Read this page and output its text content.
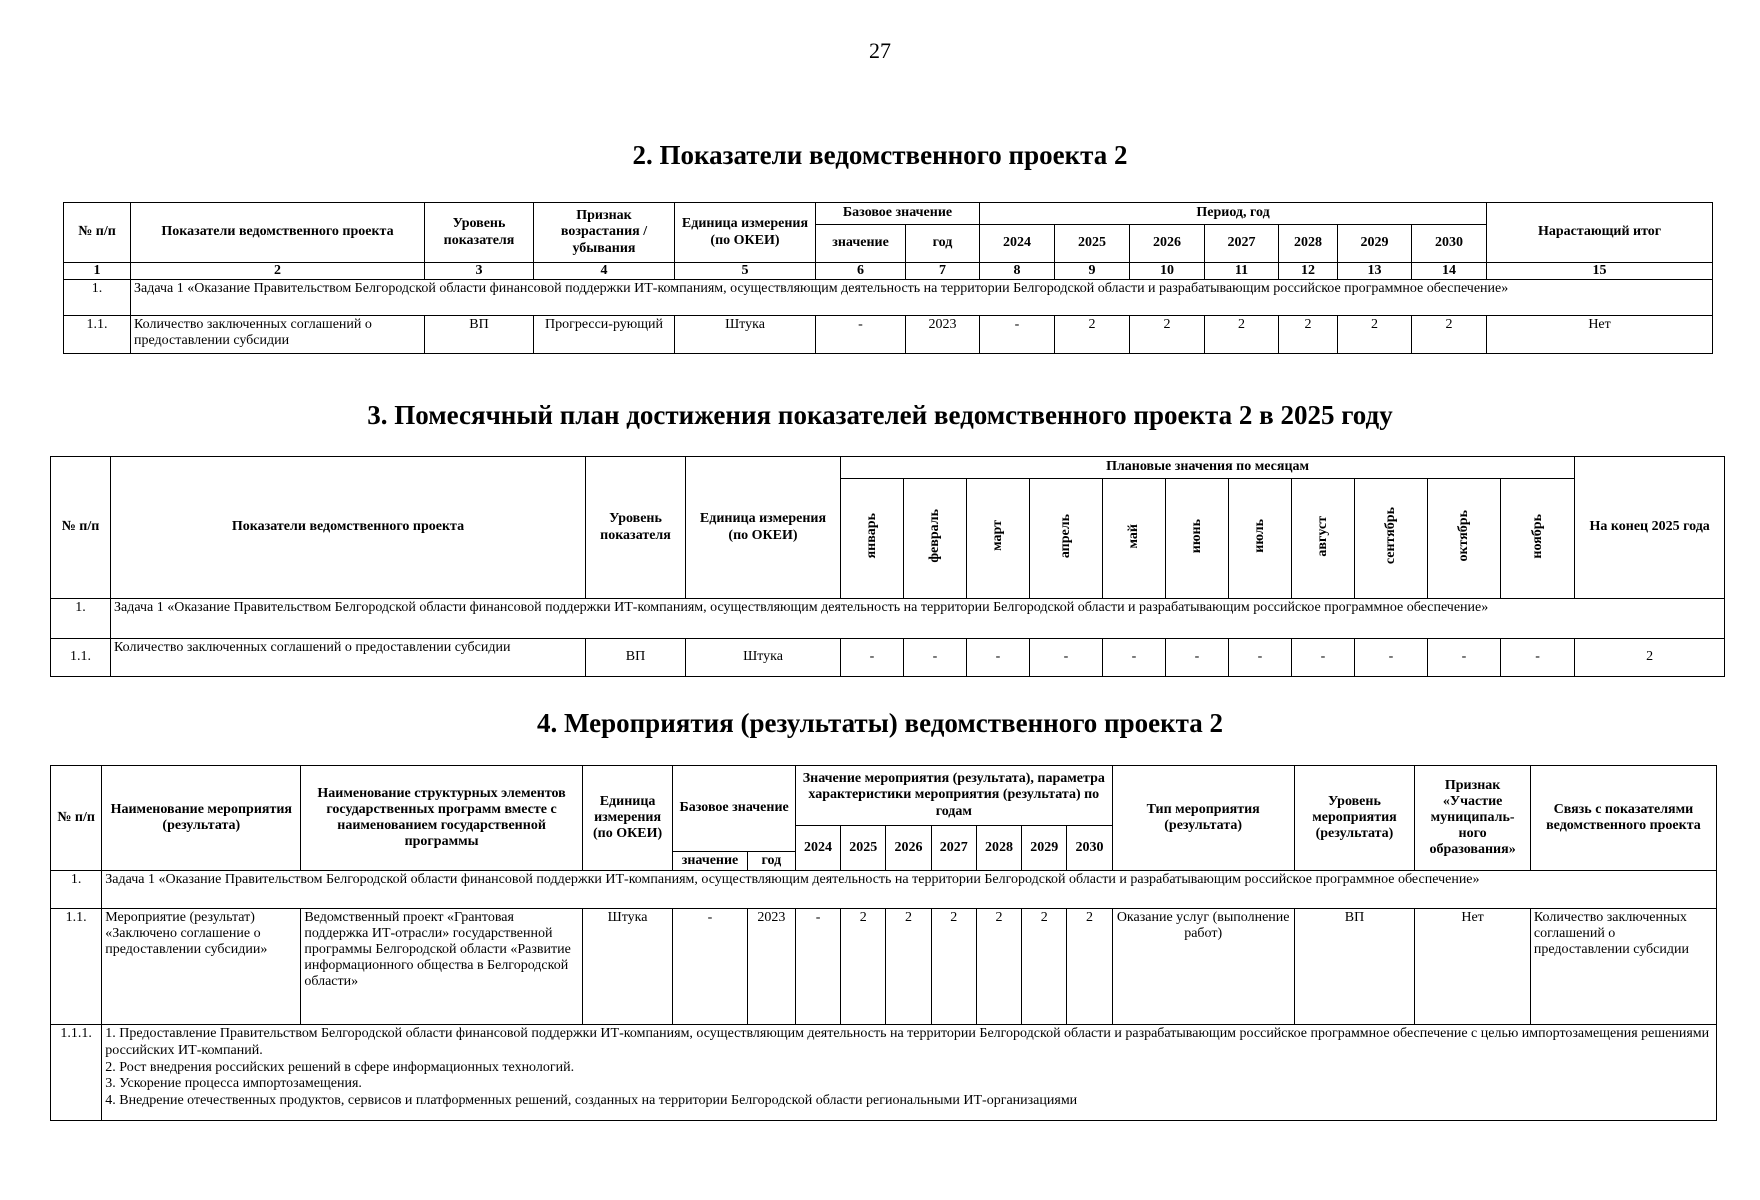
27
2. Показатели ведомственного проекта 2
№ п/п	Показатели ведомственного проекта	Уровень показателя	Признак возрастания / убывания	Единица измерения (по ОКЕИ)	Базовое значение		Период, год							Нарастающий итог
					значение	год	2024	2025	2026	2027	2028	2029	2030	
1	2	3	4	5	6	7	8	9	10	11	12	13	14	15
1.	Задача 1 «Оказание Правительством Белгородской области финансовой поддержки ИТ-компаниям, осуществляющим деятельность на территории Белгородской области и разрабатывающим российское программное обеспечение»													
1.1.	Количество заключенных соглашений о предоставлении субсидии	ВП	Прогресси-рующий	Штука	-	2023	-	2	2	2	2	2	2	Нет
3. Помесячный план достижения показателей ведомственного проекта 2 в 2025 году
№ п/п	Показатели ведомственного проекта	Уровень показателя	Единица измерения (по ОКЕИ)	Плановые значения по месяцам											На конец 2025 года
				январь	февраль	март	апрель	май	июнь	июль	август	сентябрь	октябрь	ноябрь	
1.	Задача 1 «Оказание Правительством Белгородской области финансовой поддержки ИТ-компаниям, осуществляющим деятельность на территории Белгородской области и разрабатывающим российское программное обеспечение»														
1.1.	Количество заключенных соглашений о предоставлении субсидии	ВП	Штука	-	-	-	-	-	-	-	-	-	-	-	2
4. Мероприятия (результаты) ведомственного проекта 2
№ п/п	Наименование мероприятия (результата)	Наименование структурных элементов государственных программ вместе с наименованием государственной программы	Единица измерения (по ОКЕИ)	Базовое значение		Значение мероприятия (результата), параметра характеристики мероприятия (результата) по годам							Тип мероприятия (результата)	Уровень мероприятия (результата)	Признак «Участие муниципаль-ного образования»	Связь с показателями ведомственного проекта
						2024	2025	2026	2027	2028	2029	2030				
				значение	год											
1.	Задача 1 «Оказание Правительством Белгородской области финансовой поддержки ИТ-компаниям, осуществляющим деятельность на территории Белгородской области и разрабатывающим российское программное обеспечение»															
1.1.	Мероприятие (результат) «Заключено соглашение о предоставлении субсидии»	Ведомственный проект «Грантовая поддержка ИТ-отрасли» государственной программы Белгородской области «Развитие информационного общества в Белгородской области»	Штука	-	2023	-	2	2	2	2	2	2	Оказание услуг (выполнение работ)	ВП	Нет	Количество заключенных соглашений о предоставлении субсидии
1.1.1.	1. Предоставление Правительством Белгородской области финансовой поддержки ИТ-компаниям, осуществляющим деятельность на территории Белгородской области и разрабатывающим российское программное обеспечение с целью импортозамещения решениями российских ИТ-компаний.
2. Рост внедрения российских решений в сфере информационных технологий.
3. Ускорение процесса импортозамещения.
4. Внедрение отечественных продуктов, сервисов и платформенных решений, созданных на территории Белгородской области региональными ИТ-организациями															
